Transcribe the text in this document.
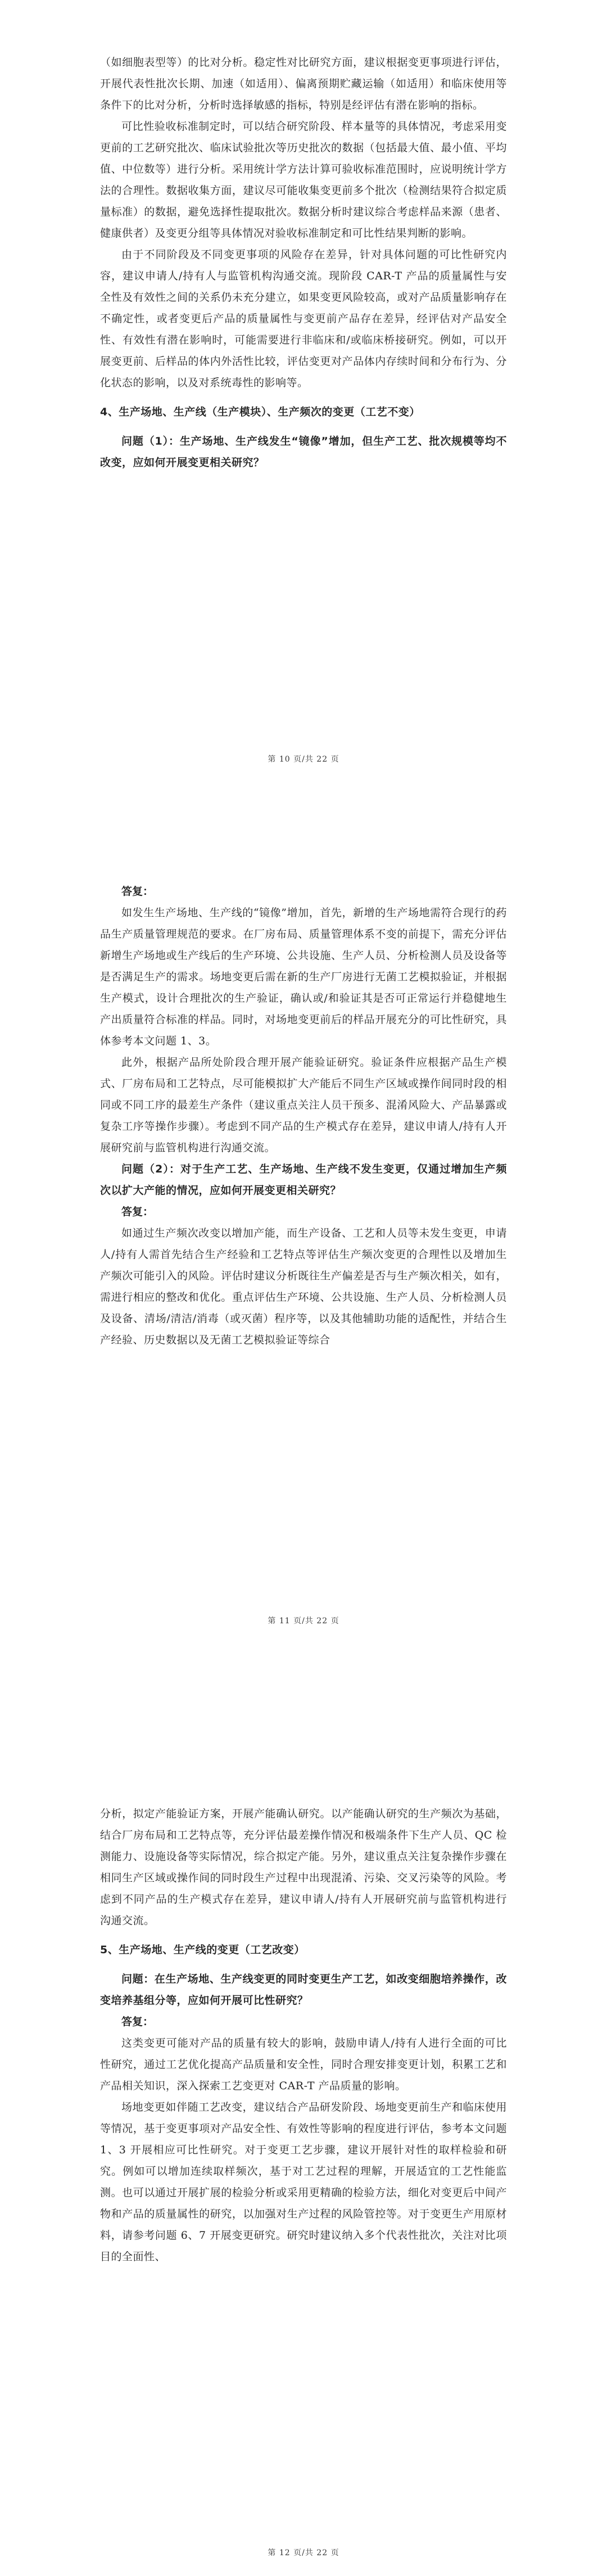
（如细胞表型等）的比对分析。稳定性对比研究方面，建议根据变更事项进行评估，开展代表性批次长期、加速（如适用）、偏离预期贮藏运输（如适用）和临床使用等条件下的比对分析，分析时选择敏感的指标，特别是经评估有潜在影响的指标。

可比性验收标准制定时，可以结合研究阶段、样本量等的具体情况，考虑采用变更前的工艺研究批次、临床试验批次等历史批次的数据（包括最大值、最小值、平均值、中位数等）进行分析。采用统计学方法计算可验收标准范围时，应说明统计学方法的合理性。数据收集方面，建议尽可能收集变更前多个批次（检测结果符合拟定质量标准）的数据，避免选择性提取批次。数据分析时建议综合考虑样品来源（患者、健康供者）及变更分组等具体情况对验收标准制定和可比性结果判断的影响。

由于不同阶段及不同变更事项的风险存在差异，针对具体问题的可比性研究内容，建议申请人/持有人与监管机构沟通交流。现阶段 CAR-T 产品的质量属性与安全性及有效性之间的关系仍未充分建立，如果变更风险较高，或对产品质量影响存在不确定性，或者变更后产品的质量属性与变更前产品存在差异，经评估对产品安全性、有效性有潜在影响时，可能需要进行非临床和/或临床桥接研究。例如，可以开展变更前、后样品的体内外活性比较，评估变更对产品体内存续时间和分布行为、分化状态的影响，以及对系统毒性的影响等。

4、生产场地、生产线（生产模块）、生产频次的变更（工艺不变）

问题（1）：生产场地、生产线发生“镜像”增加，但生产工艺、批次规模等均不改变，应如何开展变更相关研究？

第 10 页/共 22 页

答复：

如发生生产场地、生产线的“镜像”增加，首先，新增的生产场地需符合现行的药品生产质量管理规范的要求。在厂房布局、质量管理体系不变的前提下，需充分评估新增生产场地或生产线后的生产环境、公共设施、生产人员、分析检测人员及设备等是否满足生产的需求。场地变更后需在新的生产厂房进行无菌工艺模拟验证，并根据生产模式，设计合理批次的生产验证，确认或/和验证其是否可正常运行并稳健地生产出质量符合标准的样品。同时，对场地变更前后的样品开展充分的可比性研究，具体参考本文问题 1、3。

此外，根据产品所处阶段合理开展产能验证研究。验证条件应根据产品生产模式、厂房布局和工艺特点，尽可能模拟扩大产能后不同生产区域或操作间同时段的相同或不同工序的最差生产条件（建议重点关注人员干预多、混淆风险大、产品暴露或复杂工序等操作步骤）。考虑到不同产品的生产模式存在差异，建议申请人/持有人开展研究前与监管机构进行沟通交流。

问题（2）：对于生产工艺、生产场地、生产线不发生变更，仅通过增加生产频次以扩大产能的情况，应如何开展变更相关研究？

答复：

如通过生产频次改变以增加产能，而生产设备、工艺和人员等未发生变更，申请人/持有人需首先结合生产经验和工艺特点等评估生产频次变更的合理性以及增加生产频次可能引入的风险。评估时建议分析既往生产偏差是否与生产频次相关，如有，需进行相应的整改和优化。重点评估生产环境、公共设施、生产人员、分析检测人员及设备、清场/清洁/消毒（或灭菌）程序等，以及其他辅助功能的适配性，并结合生产经验、历史数据以及无菌工艺模拟验证等综合

第 11 页/共 22 页

分析，拟定产能验证方案，开展产能确认研究。以产能确认研究的生产频次为基础，结合厂房布局和工艺特点等，充分评估最差操作情况和极端条件下生产人员、QC 检测能力、设施设备等实际情况，综合拟定产能。另外，建议重点关注复杂操作步骤在相同生产区域或操作间的同时段生产过程中出现混淆、污染、交叉污染等的风险。考虑到不同产品的生产模式存在差异，建议申请人/持有人开展研究前与监管机构进行沟通交流。

5、生产场地、生产线的变更（工艺改变）

问题：在生产场地、生产线变更的同时变更生产工艺，如改变细胞培养操作，改变培养基组分等，应如何开展可比性研究？

答复：

这类变更可能对产品的质量有较大的影响，鼓励申请人/持有人进行全面的可比性研究，通过工艺优化提高产品质量和安全性，同时合理安排变更计划，积累工艺和产品相关知识，深入探索工艺变更对 CAR-T 产品质量的影响。

场地变更如伴随工艺改变，建议结合产品研发阶段、场地变更前生产和临床使用等情况，基于变更事项对产品安全性、有效性等影响的程度进行评估，参考本文问题 1、3 开展相应可比性研究。对于变更工艺步骤，建议开展针对性的取样检验和研究。例如可以增加连续取样频次，基于对工艺过程的理解，开展适宜的工艺性能监测。也可以通过开展扩展的检验分析或采用更精确的检验方法，细化对变更后中间产物和产品的质量属性的研究，以加强对生产过程的风险管控等。对于变更生产用原材料，请参考问题 6、7 开展变更研究。研究时建议纳入多个代表性批次，关注对比项目的全面性、

第 12 页/共 22 页
